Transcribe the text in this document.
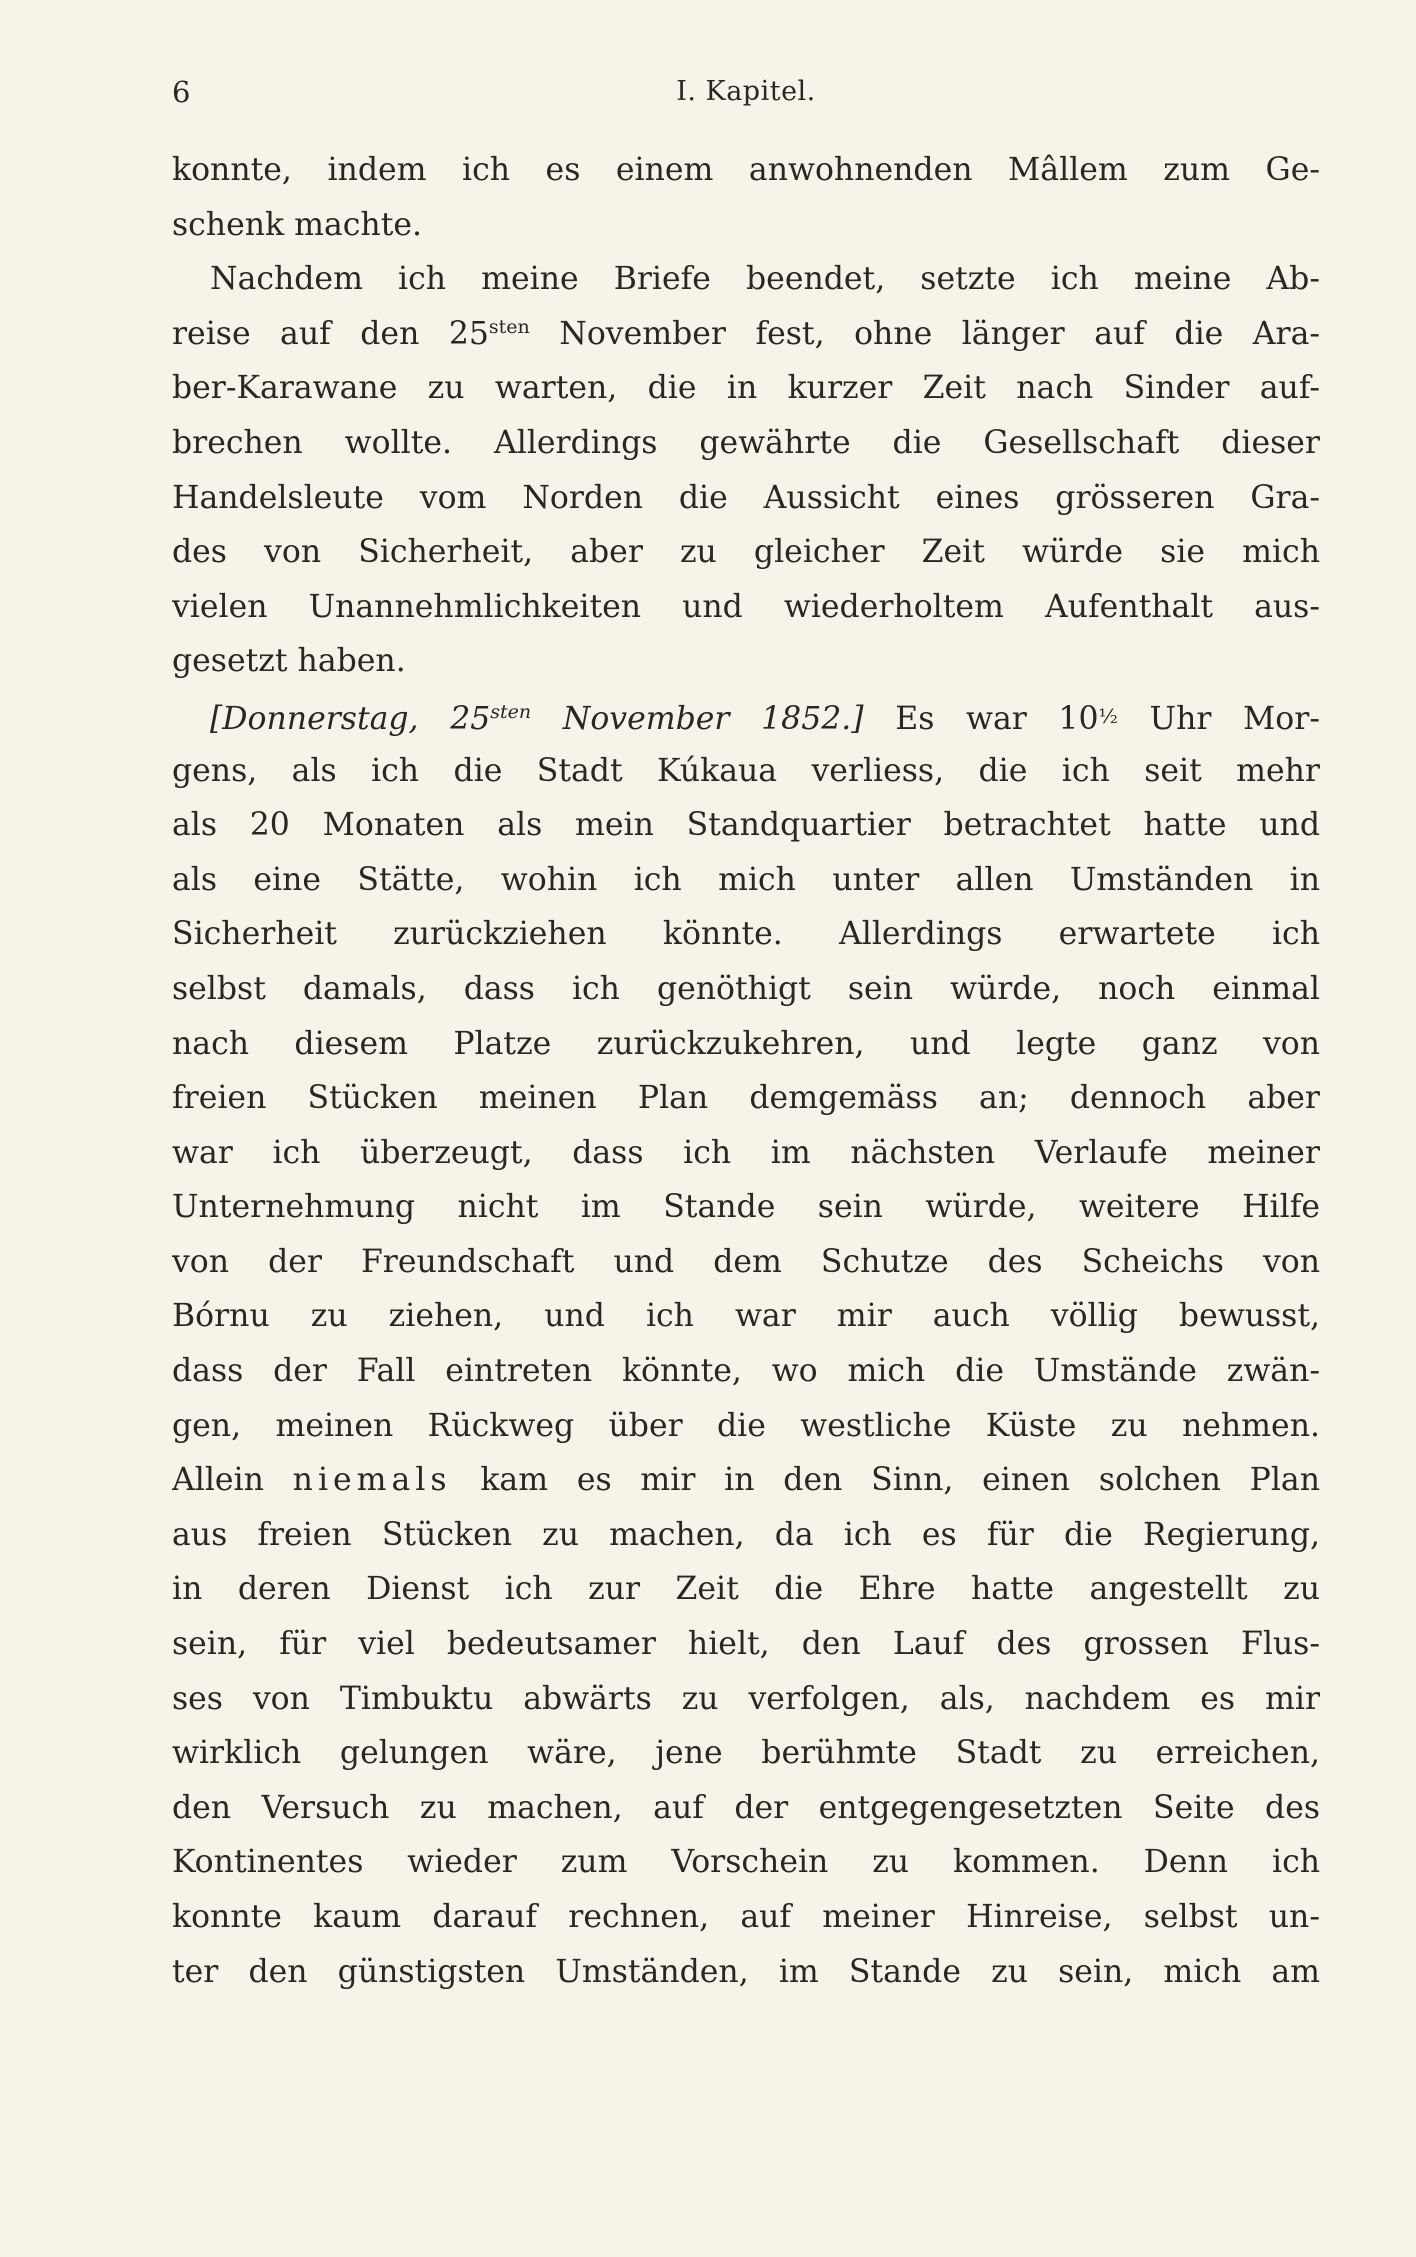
6	I. Kapitel.
konnte, indem ich es einem anwohnenden Mâllem zum Ge-
schenk machte.
Nachdem ich meine Briefe beendet, setzte ich meine Ab-
reise auf den $25^{sten}$ November fest, ohne länger auf die Ara-
ber-Karawane zu warten, die in kurzer Zeit nach Sinder auf-
brechen wollte. Allerdings gewährte die Gesellschaft dieser
Handelsleute vom Norden die Aussicht eines grösseren Gra-
des von Sicherheit, aber zu gleicher Zeit würde sie mich
vielen Unannehmlichkeiten und wiederholtem Aufenthalt aus-
gesetzt haben.
[Donnerstag, $25^{sten}$ November 1852.] Es war 10½ Uhr Mor-
gens, als ich die Stadt Kúkaua verliess, die ich seit mehr
als 20 Monaten als mein Standquartier betrachtet hatte und
als eine Stätte, wohin ich mich unter allen Umständen in
Sicherheit zurückziehen könnte. Allerdings erwartete ich
selbst damals, dass ich genöthigt sein würde, noch einmal
nach diesem Platze zurückzukehren, und legte ganz von
freien Stücken meinen Plan demgemäss an; dennoch aber
war ich überzeugt, dass ich im nächsten Verlaufe meiner
Unternehmung nicht im Stande sein würde, weitere Hilfe
von der Freundschaft und dem Schutze des Scheichs von
Bórnu zu ziehen, und ich war mir auch völlig bewusst,
dass der Fall eintreten könnte, wo mich die Umstände zwän-
gen, meinen Rückweg über die westliche Küste zu nehmen.
Allein niemals kam es mir in den Sinn, einen solchen Plan
aus freien Stücken zu machen, da ich es für die Regierung,
in deren Dienst ich zur Zeit die Ehre hatte angestellt zu
sein, für viel bedeutsamer hielt, den Lauf des grossen Flus-
ses von Timbuktu abwärts zu verfolgen, als, nachdem es mir
wirklich gelungen wäre, jene berühmte Stadt zu erreichen,
den Versuch zu machen, auf der entgegengesetzten Seite des
Kontinentes wieder zum Vorschein zu kommen. Denn ich
konnte kaum darauf rechnen, auf meiner Hinreise, selbst un-
ter den günstigsten Umständen, im Stande zu sein, mich am
